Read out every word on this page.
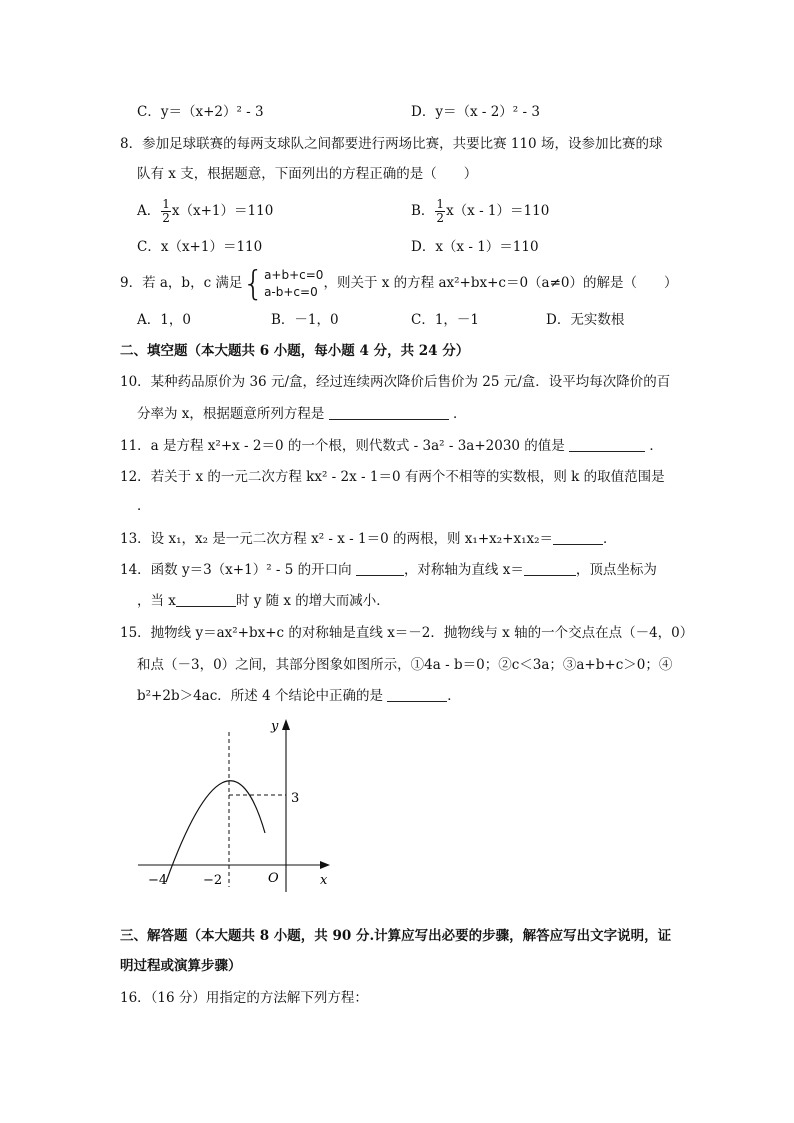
C．y＝（x+2）² - 3	D．y＝（x - 2）² - 3
8．参加足球联赛的每两支球队之间都要进行两场比赛，共要比赛 110 场，设参加比赛的球
队有 x 支，根据题意，下面列出的方程正确的是（　　）
A． $\frac{1}{2} x(x+1)=110$	B． $\frac{1}{2} x(x - 1)=110$
C．x（x+1）＝110	D．x（x - 1）＝110
9．若 a，b，c 满足{ a+b+c=0
a-b+c=0
，则关于 x 的方程 ax²+bx+c＝0（a≠0）的解是（　　）
A．1，0	B．－1，0	C．1，－1	D．无实数根
二、填空题（本大题共 6 小题，每小题 4 分，共 24 分）
10．某种药品原价为 36 元/盒，经过连续两次降价后售价为 25 元/盒．设平均每次降价的百
分率为 x，根据题意所列方程是	．
11．a 是方程 x²+x - 2＝0 的一个根，则代数式 - 3a² - 3a+2030 的值是	．
12．若关于 x 的一元二次方程 kx² - 2x - 1＝0 有两个不相等的实数根，则 k 的取值范围是
．
13．设 x₁，x₂ 是一元二次方程 x² - x - 1＝0 的两根，则 x₁+x₂+x₁x₂＝	．
14．函数 y＝3（x+1）² - 5 的开口向	，对称轴为直线 x＝	，顶点坐标为
，当 x	时 y 随 x 的增大而减小．
15．抛物线 y＝ax²+bx+c 的对称轴是直线 x＝－2．抛物线与 x 轴的一个交点在点（－4，0）
和点（－3，0）之间，其部分图象如图所示，①4a - b＝0；②c＜3a；③a+b+c＞0；④
b²+2b＞4ac．所述 4 个结论中正确的是	．
y
x
O
3
−4	−2
三、解答题（本大题共 8 小题，共 90 分.计算应写出必要的步骤，解答应写出文字说明，证
明过程或演算步骤）
16．（16 分）用指定的方法解下列方程：
